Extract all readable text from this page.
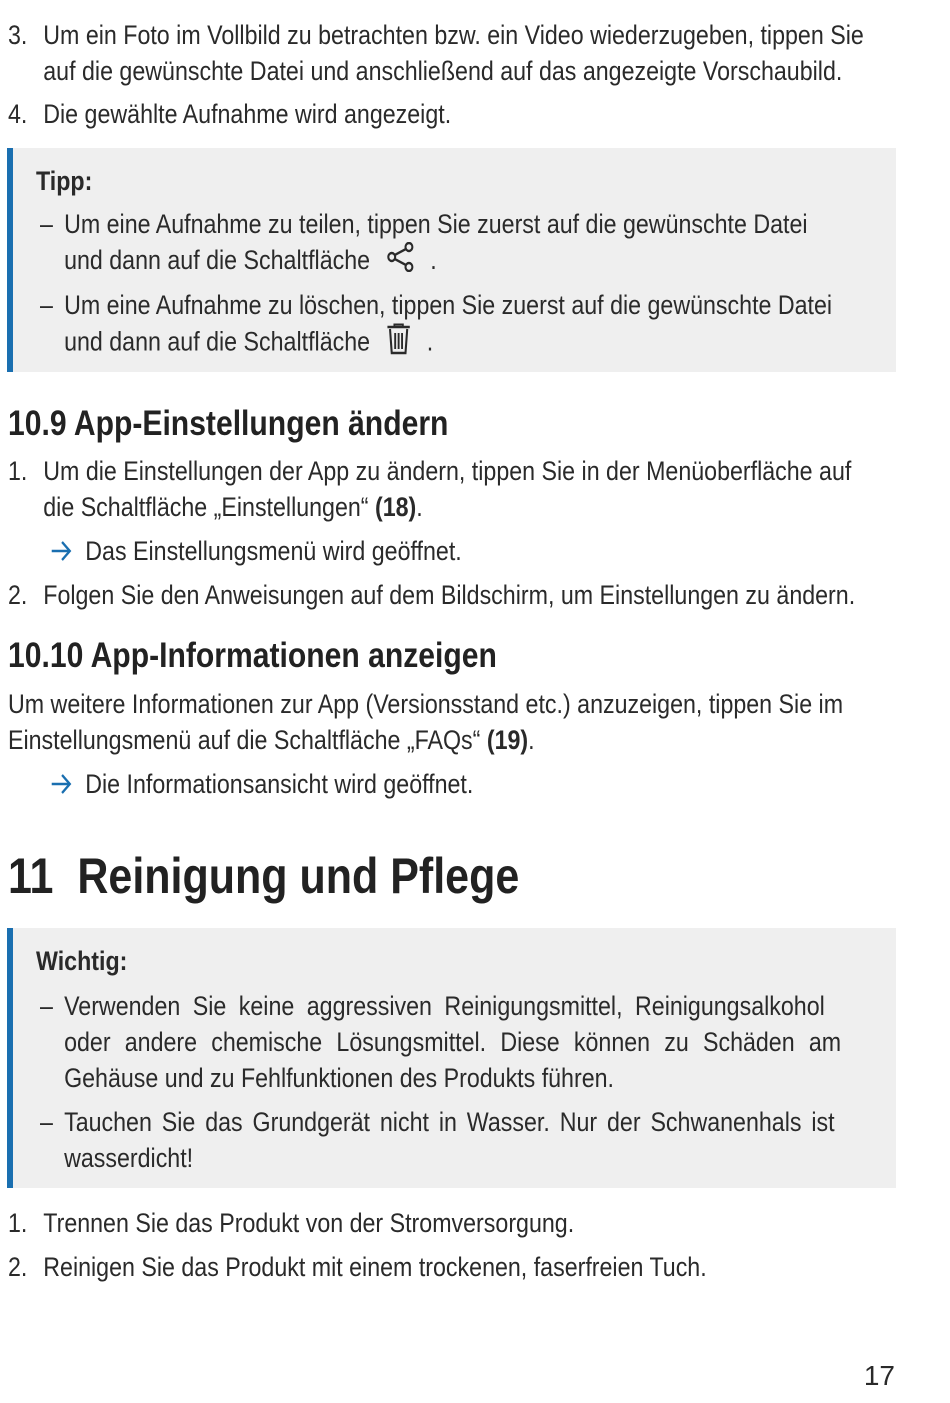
3. Um ein Foto im Vollbild zu betrachten bzw. ein Video wiederzugeben, tippen Sie
auf die gewünschte Datei und anschließend auf das angezeigte Vorschaubild.
4. Die gewählte Aufnahme wird angezeigt.
Tipp:
– Um eine Aufnahme zu teilen, tippen Sie zuerst auf die gewünschte Datei
und dann auf die Schaltfläche .
– Um eine Aufnahme zu löschen, tippen Sie zuerst auf die gewünschte Datei
und dann auf die Schaltfläche .
10.9 App-Einstellungen ändern
1. Um die Einstellungen der App zu ändern, tippen Sie in der Menüoberfläche auf
die Schaltfläche „Einstellungen“ (18).
Das Einstellungsmenü wird geöffnet.
2. Folgen Sie den Anweisungen auf dem Bildschirm, um Einstellungen zu ändern.
10.10 App-Informationen anzeigen
Um weitere Informationen zur App (Versionsstand etc.) anzuzeigen, tippen Sie im
Einstellungsmenü auf die Schaltfläche „FAQs“ (19).
Die Informationsansicht wird geöffnet.
11  Reinigung und Pflege
Wichtig:
– Verwenden Sie keine aggressiven Reinigungsmittel, Reinigungsalkohol
oder andere chemische Lösungsmittel. Diese können zu Schäden am
Gehäuse und zu Fehlfunktionen des Produkts führen.
– Tauchen Sie das Grundgerät nicht in Wasser. Nur der Schwanenhals ist
wasserdicht!
1. Trennen Sie das Produkt von der Stromversorgung.
2. Reinigen Sie das Produkt mit einem trockenen, faserfreien Tuch.
17
